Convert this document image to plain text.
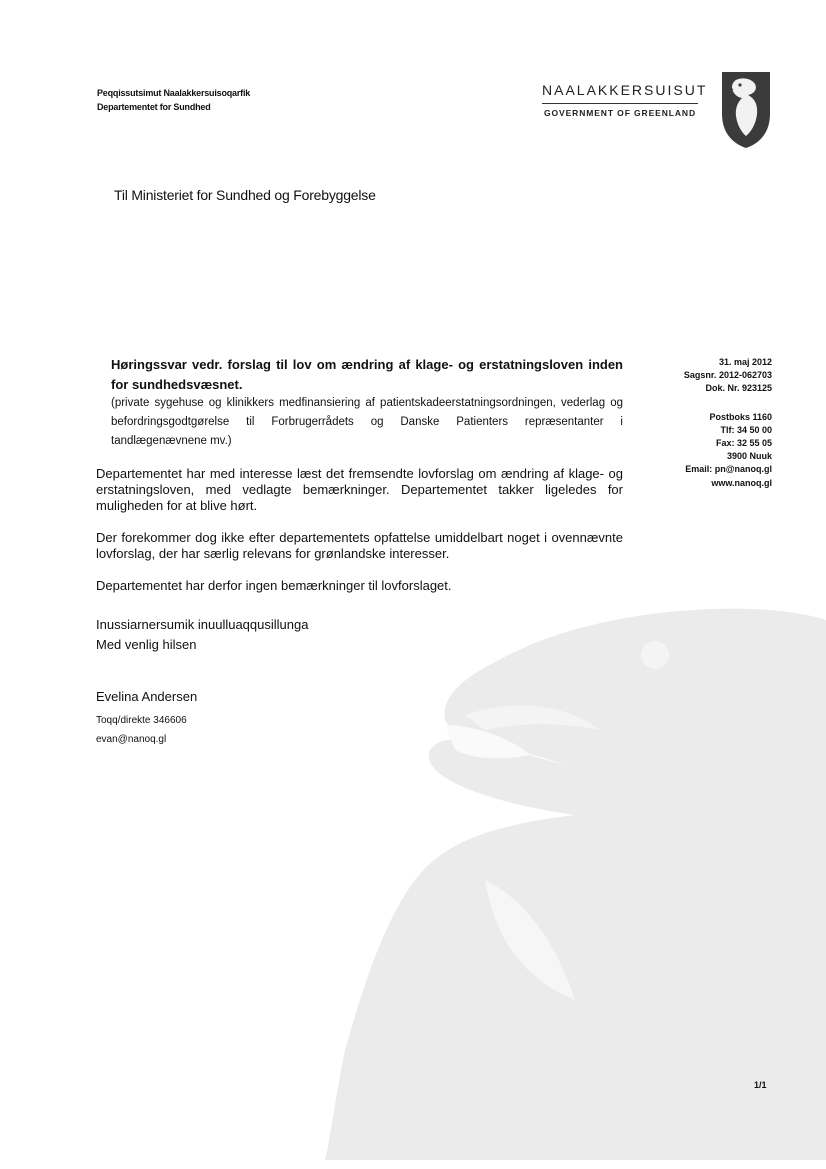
Peqqissutsimut Naalakkersuisoqarfik
Departementet for Sundhed
NAALAKKERSUISUT
GOVERNMENT OF GREENLAND
Til Ministeriet for Sundhed og Forebyggelse
31. maj 2012
Sagsnr. 2012-062703
Dok. Nr. 923125
Postboks 1160
Tlf: 34 50 00
Fax: 32 55 05
3900 Nuuk
Email: pn@nanoq.gl
www.nanoq.gl
Høringssvar vedr. forslag til lov om ændring af klage- og erstatningsloven inden for sundhedsvæsnet.
(private sygehuse og klinikkers medfinansiering af patientskadeerstatningsordningen, vederlag og befordringsgodtgørelse til Forbrugerrådets og Danske Patienters repræsentanter i tandlægenævnene mv.)
Departementet har med interesse læst det fremsendte lovforslag om ændring af klage- og erstatningsloven, med vedlagte bemærkninger. Departementet takker ligeledes for muligheden for at blive hørt.
Der forekommer dog ikke efter departementets opfattelse umiddelbart noget i ovennævnte lovforslag, der har særlig relevans for grønlandske interesser.
Departementet har derfor ingen bemærkninger til lovforslaget.
Inussiarnersumik inuulluaqqusillunga
Med venlig hilsen
Evelina Andersen
Toqq/direkte 346606
evan@nanoq.gl
1/1
